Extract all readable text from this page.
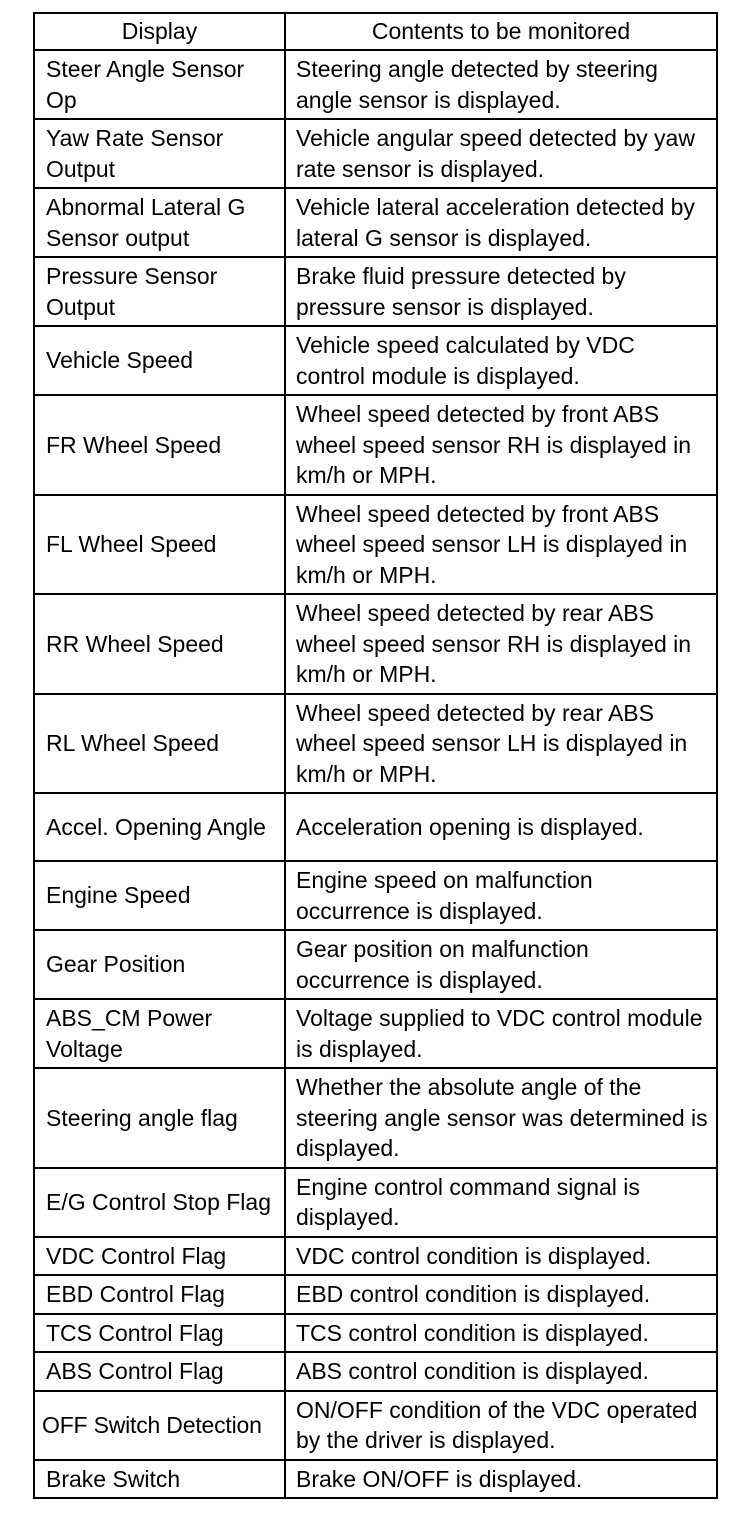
Display	Contents to be monitored
Steer Angle Sensor Op	Steering angle detected by steering angle sensor is displayed.
Yaw Rate Sensor Output	Vehicle angular speed detected by yaw rate sensor is displayed.
Abnormal Lateral G Sensor output	Vehicle lateral acceleration detected by lateral G sensor is displayed.
Pressure Sensor Output	Brake fluid pressure detected by pressure sensor is displayed.
Vehicle Speed	Vehicle speed calculated by VDC control module is displayed.
FR Wheel Speed	Wheel speed detected by front ABS wheel speed sensor RH is displayed in km/h or MPH.
FL Wheel Speed	Wheel speed detected by front ABS wheel speed sensor LH is displayed in km/h or MPH.
RR Wheel Speed	Wheel speed detected by rear ABS wheel speed sensor RH is displayed in km/h or MPH.
RL Wheel Speed	Wheel speed detected by rear ABS wheel speed sensor LH is displayed in km/h or MPH.
Accel. Opening Angle	Acceleration opening is displayed.
Engine Speed	Engine speed on malfunction occurrence is displayed.
Gear Position	Gear position on malfunction occurrence is displayed.
ABS_CM Power Voltage	Voltage supplied to VDC control module is displayed.
Steering angle flag	Whether the absolute angle of the steering angle sensor was determined is displayed.
E/G Control Stop Flag	Engine control command signal is displayed.
VDC Control Flag	VDC control condition is displayed.
EBD Control Flag	EBD control condition is displayed.
TCS Control Flag	TCS control condition is displayed.
ABS Control Flag	ABS control condition is displayed.
OFF Switch Detection	ON/OFF condition of the VDC operated by the driver is displayed.
Brake Switch	Brake ON/OFF is displayed.
